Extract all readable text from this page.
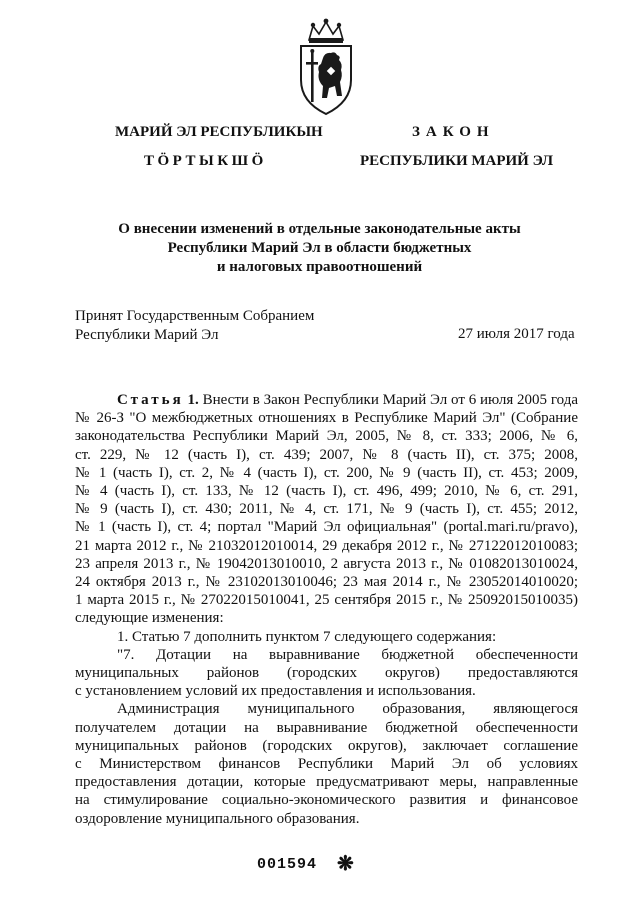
МАРИЙ ЭЛ РЕСПУБЛИКЫН
ТӦРТЫКШӦ
ЗАКОН
РЕСПУБЛИКИ МАРИЙ ЭЛ
О внесении изменений в отдельные законодательные акты
Республики Марий Эл в области бюджетных
и налоговых правоотношений
Принят Государственным Собранием
Республики Марий Эл	27 июля 2017 года

Статья 1. Внести в Закон Республики Марий Эл от 6 июля 2005 года

№ 26-З "О межбюджетных отношениях в Республике Марий Эл" (Собрание

законодательства Республики Марий Эл, 2005, № 8, ст. 333; 2006, № 6,

ст. 229, № 12 (часть I), ст. 439; 2007, № 8 (часть II), ст. 375; 2008,

№ 1 (часть I), ст. 2, № 4 (часть I), ст. 200, № 9 (часть II), ст. 453; 2009,

№ 4 (часть I), ст. 133, № 12 (часть I), ст. 496, 499; 2010, № 6, ст. 291,

№ 9 (часть I), ст. 430; 2011, № 4, ст. 171, № 9 (часть I), ст. 455; 2012,

№ 1 (часть I), ст. 4; портал "Марий Эл официальная" (portal.mari.ru/pravo),

21 марта 2012 г., № 21032012010014, 29 декабря 2012 г., № 27122012010083;

23 апреля 2013 г., № 19042013010010, 2 августа 2013 г., № 01082013010024,

24 октября 2013 г., № 23102013010046; 23 мая 2014 г., № 23052014010020;

1 марта 2015 г., № 27022015010041, 25 сентября 2015 г., № 25092015010035)

следующие изменения:

1. Статью 7 дополнить пунктом 7 следующего содержания:

"7. Дотации на выравнивание бюджетной обеспеченности

муниципальных районов (городских округов) предоставляются

с установлением условий их предоставления и использования.

Администрация муниципального образования, являющегося

получателем дотации на выравнивание бюджетной обеспеченности

муниципальных районов (городских округов), заключает соглашение

с Министерством финансов Республики Марий Эл об условиях

предоставления дотации, которые предусматривают меры, направленные

на стимулирование социально-экономического развития и финансовое

оздоровление муниципального образования.

001594 ❋
